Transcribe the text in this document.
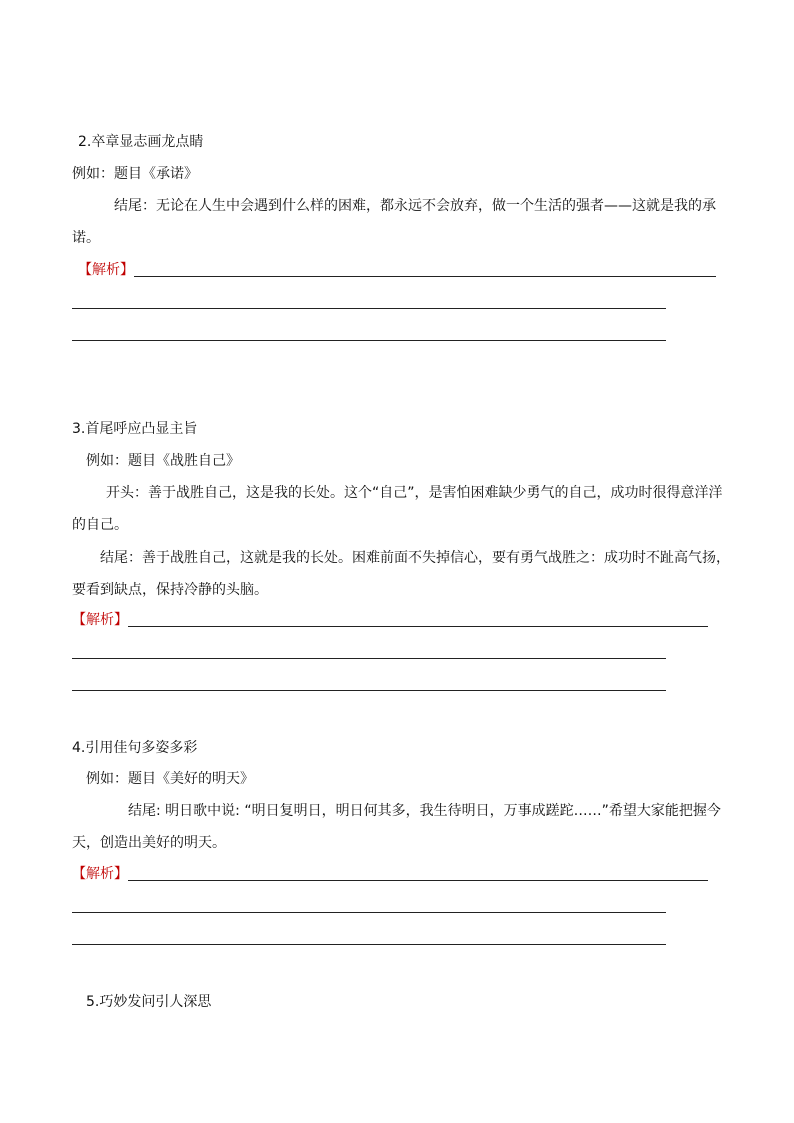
2.卒章显志画龙点睛
例如：题目《承诺》
结尾：无论在人生中会遇到什么样的困难，都永远不会放弃，做一个生活的强者——这就是我的承
诺。
【解析】
3.首尾呼应凸显主旨
例如：题目《战胜自己》
开头：善于战胜自己，这是我的长处。这个“自己”，是害怕困难缺少勇气的自己，成功时很得意洋洋
的自己。
结尾：善于战胜自己，这就是我的长处。困难前面不失掉信心，要有勇气战胜之：成功时不趾高气扬，
要看到缺点，保持冷静的头脑。
【解析】
4.引用佳句多姿多彩
例如：题目《美好的明天》
结尾: 明日歌中说: “明日复明日，明日何其多，我生待明日，万事成蹉跎……”希望大家能把握今
天，创造出美好的明天。
【解析】
5.巧妙发问引人深思
